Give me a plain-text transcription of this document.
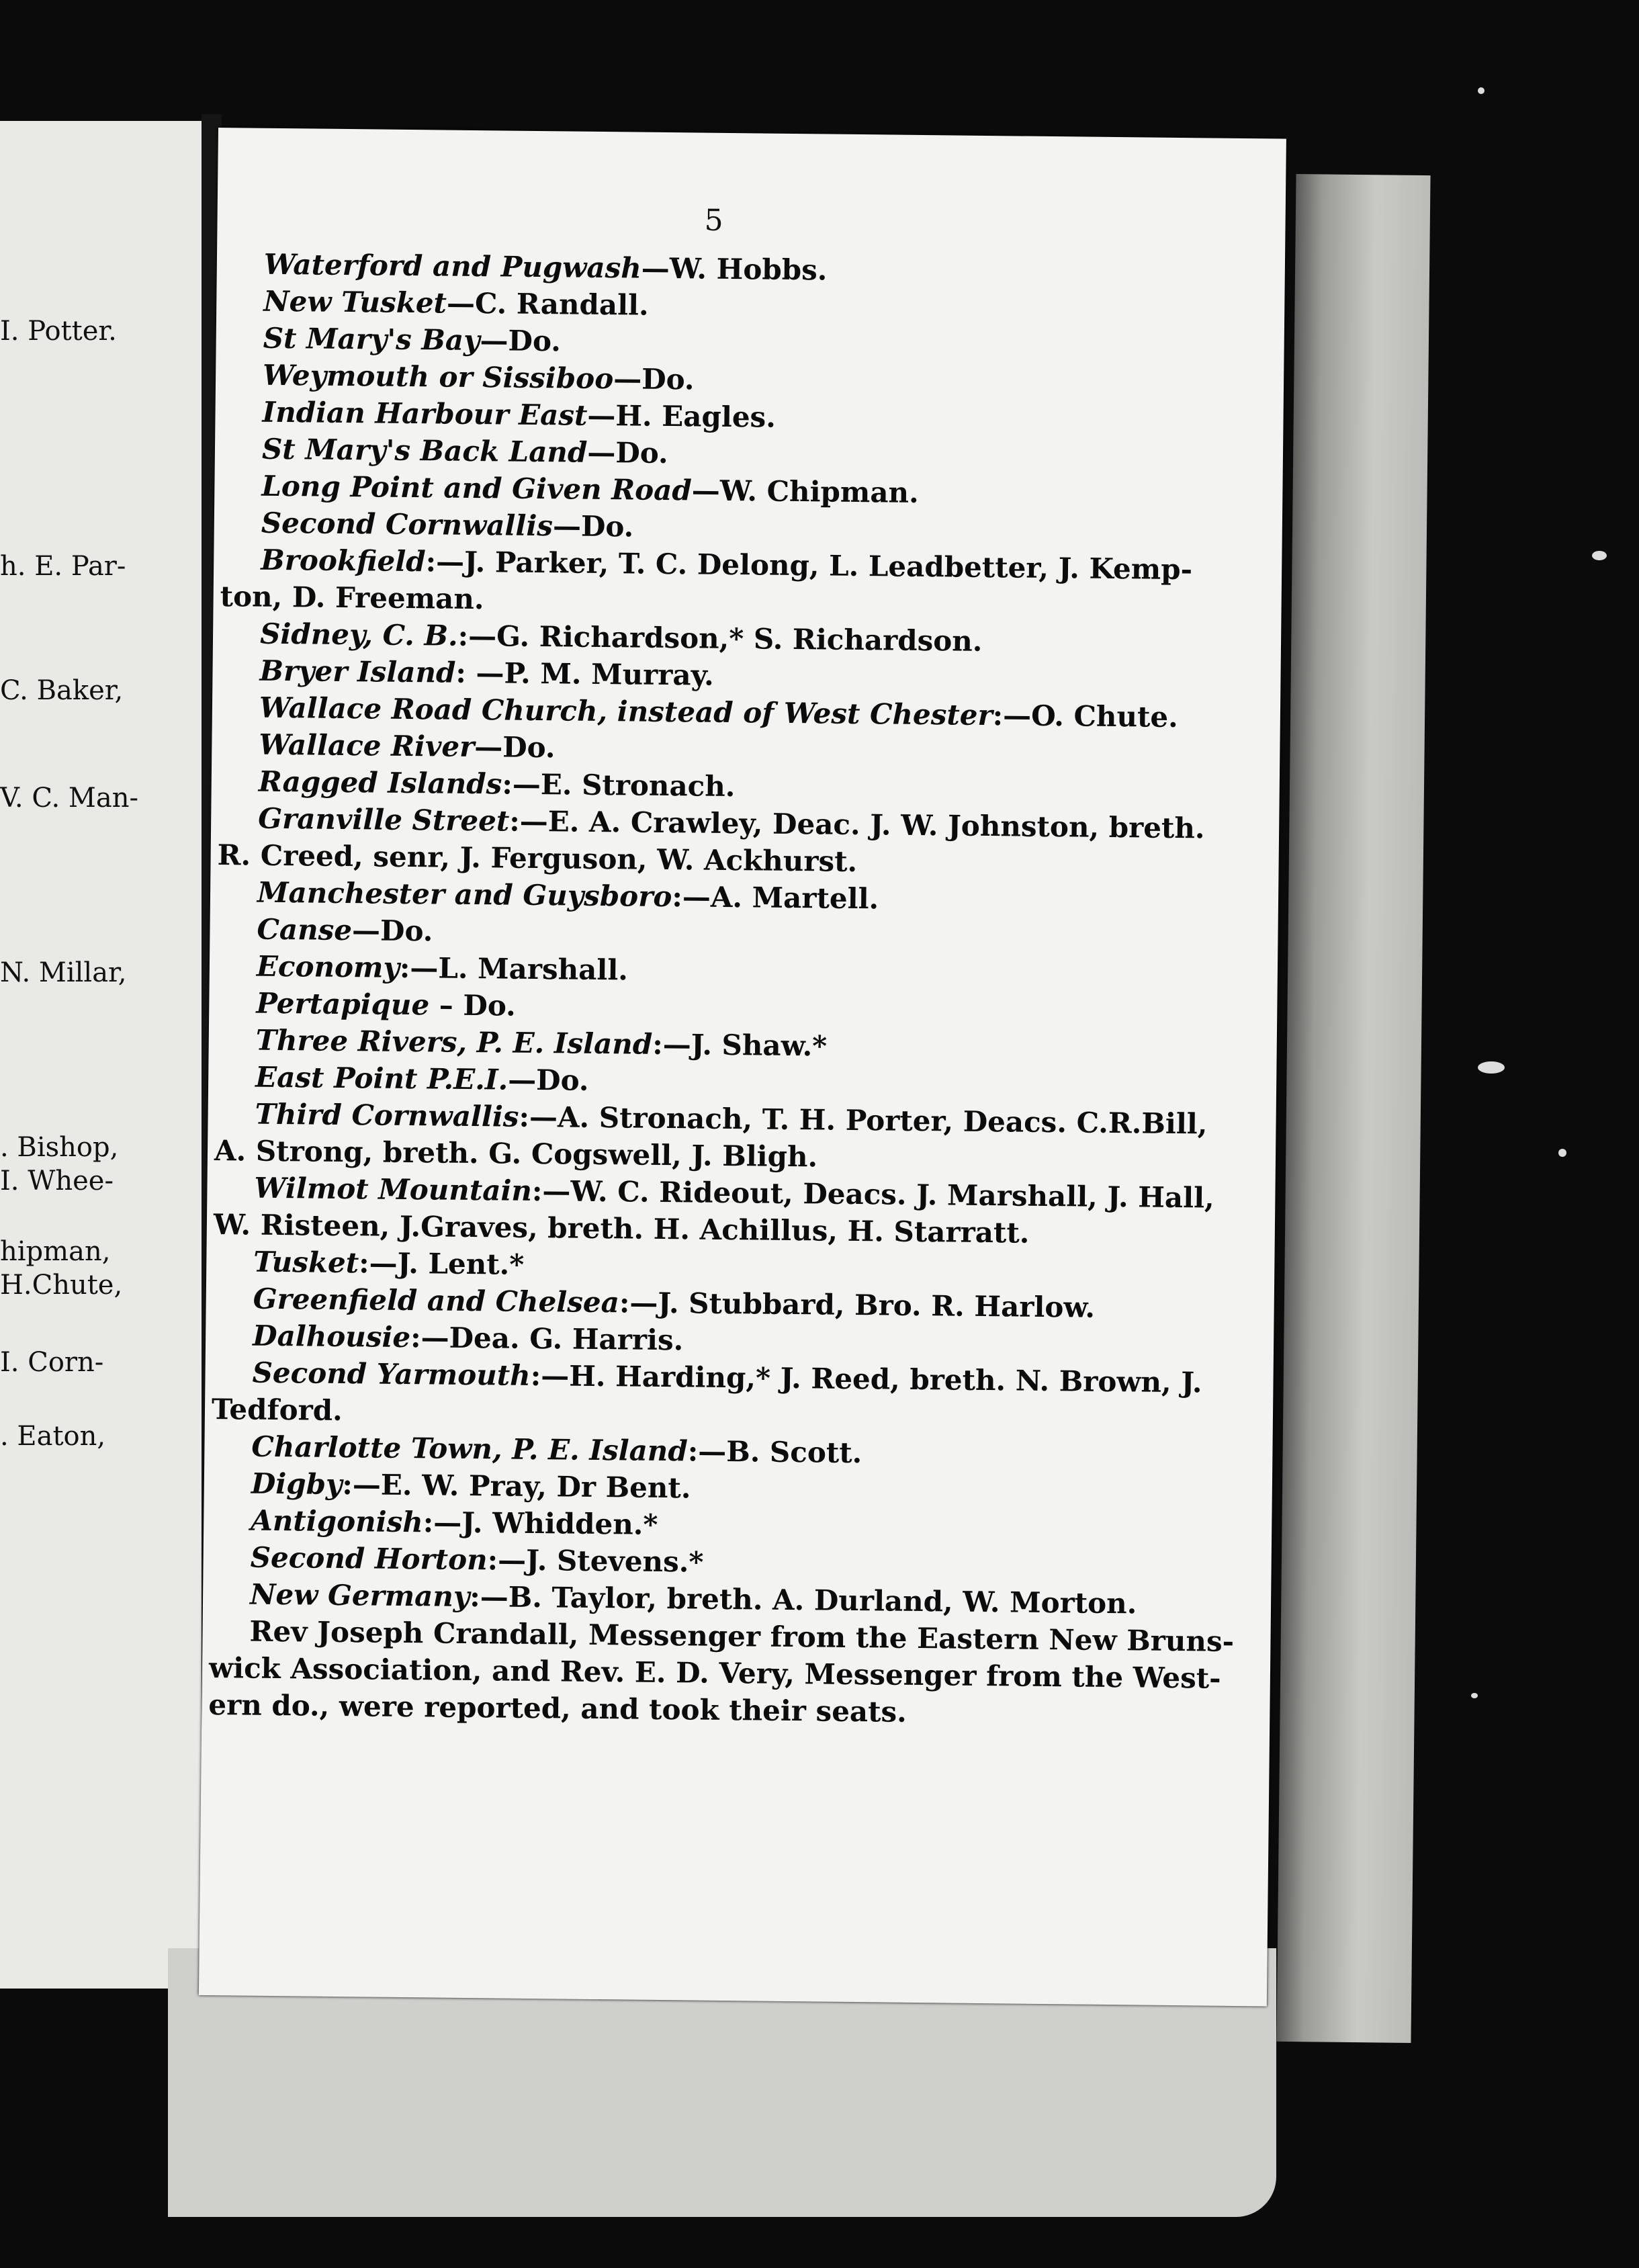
I. Potter.
h. E. Par-
C. Baker,
V. C. Man-
N. Millar,
. Bishop,
I. Whee-
hipman,
H.Chute,
I. Corn-
. Eaton,
5
Waterford and Pugwash—W. Hobbs.
New Tusket—C. Randall.
St Mary's Bay—Do.
Weymouth or Sissiboo—Do.
Indian Harbour East—H. Eagles.
St Mary's Back Land—Do.
Long Point and Given Road—W. Chipman.
Second Cornwallis—Do.
Brookfield:—J. Parker, T. C. Delong, L. Leadbetter, J. Kemp-
ton, D. Freeman.
Sidney, C. B.:—G. Richardson,* S. Richardson.
Bryer Island: —P. M. Murray.
Wallace Road Church, instead of West Chester:—O. Chute.
Wallace River—Do.
Ragged Islands:—E. Stronach.
Granville Street:—E. A. Crawley, Deac. J. W. Johnston, breth.
R. Creed, senr, J. Ferguson, W. Ackhurst.
Manchester and Guysboro:—A. Martell.
Canse—Do.
Economy:—L. Marshall.
Pertapique – Do.
Three Rivers, P. E. Island:—J. Shaw.*
East Point P.E.I.—Do.
Third Cornwallis:—A. Stronach, T. H. Porter, Deacs. C.R.Bill,
A. Strong, breth. G. Cogswell, J. Bligh.
Wilmot Mountain:—W. C. Rideout, Deacs. J. Marshall, J. Hall,
W. Risteen, J.Graves, breth. H. Achillus, H. Starratt.
Tusket:—J. Lent.*
Greenfield and Chelsea:—J. Stubbard, Bro. R. Harlow.
Dalhousie:—Dea. G. Harris.
Second Yarmouth:—H. Harding,* J. Reed, breth. N. Brown, J.
Tedford.
Charlotte Town, P. E. Island:—B. Scott.
Digby:—E. W. Pray, Dr Bent.
Antigonish:—J. Whidden.*
Second Horton:—J. Stevens.*
New Germany:—B. Taylor, breth. A. Durland, W. Morton.
Rev Joseph Crandall, Messenger from the Eastern New Bruns-
wick Association, and Rev. E. D. Very, Messenger from the West-
ern do., were reported, and took their seats.
